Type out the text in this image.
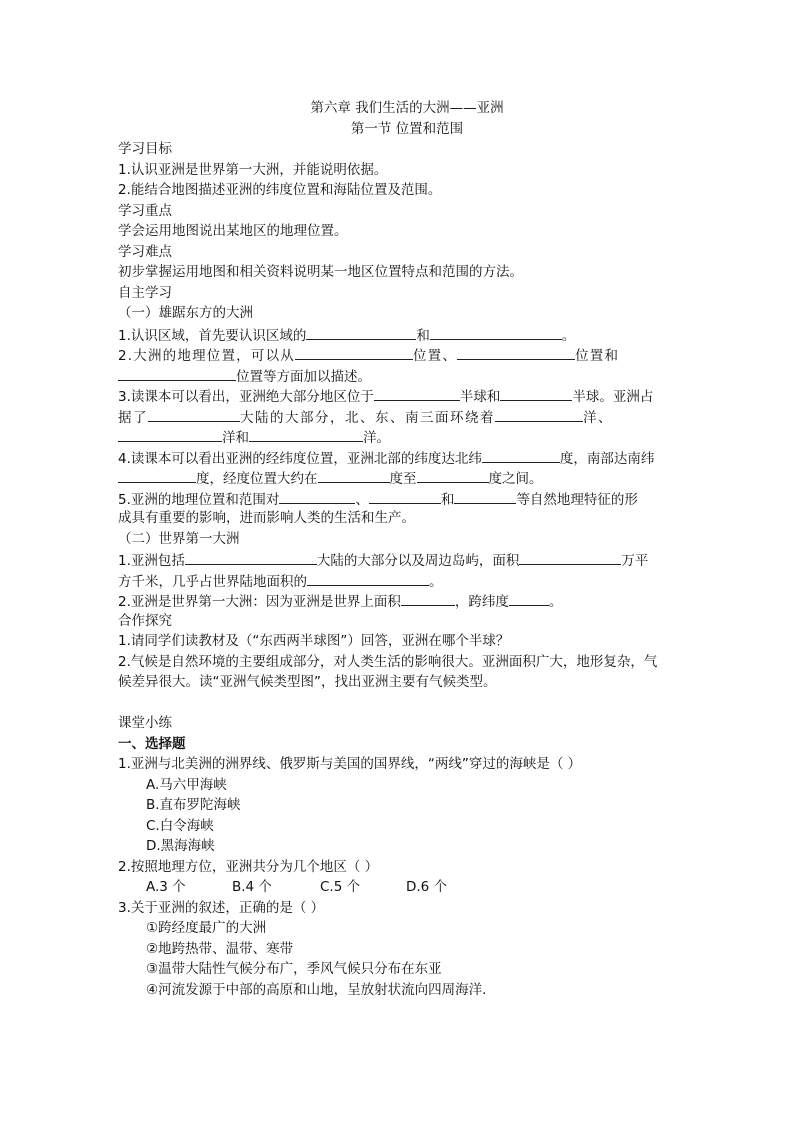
第六章 我们生活的大洲——亚洲
第一节 位置和范围
学习目标
1.认识亚洲是世界第一大洲，并能说明依据。
2.能结合地图描述亚洲的纬度位置和海陆位置及范围。
学习重点
学会运用地图说出某地区的地理位置。
学习难点
初步掌握运用地图和相关资料说明某一地区位置特点和范围的方法。
自主学习
（一）雄踞东方的大洲
1.认识区域，首先要认识区域的	和	。
2.大洲的地理位置，可以从	位置、	位置和
位置等方面加以描述。
3.读课本可以看出，亚洲绝大部分地区位于	半球和	半球。亚洲占
据了	大陆的大部分，北、东、南三面环绕着	洋、
洋和	洋。
4.读课本可以看出亚洲的经纬度位置，亚洲北部的纬度达北纬	度，南部达南纬
度，经度位置大约在	度至	度之间。
5.亚洲的地理位置和范围对	、	和	等自然地理特征的形
成具有重要的影响，进而影响人类的生活和生产。
（二）世界第一大洲
1.亚洲包括	大陆的大部分以及周边岛屿，面积	万平
方千米，几乎占世界陆地面积的	。
2.亚洲是世界第一大洲：因为亚洲是世界上面积	，跨纬度	。
合作探究
1.请同学们读教材及（“东西两半球图”）回答，亚洲在哪个半球？
2.气候是自然环境的主要组成部分，对人类生活的影响很大。亚洲面积广大，地形复杂，气
候差异很大。读“亚洲气候类型图”，找出亚洲主要有气候类型。
课堂小练
一、选择题
1.亚洲与北美洲的洲界线、俄罗斯与美国的国界线，“两线”穿过的海峡是（ ）
A.马六甲海峡
B.直布罗陀海峡
C.白令海峡
D.黑海海峡
2.按照地理方位，亚洲共分为几个地区（ ）
A.3 个	B.4 个	C.5 个	D.6 个
3.关于亚洲的叙述，正确的是（ ）
①跨经度最广的大洲
②地跨热带、温带、寒带
③温带大陆性气候分布广，季风气候只分布在东亚
④河流发源于中部的高原和山地，呈放射状流向四周海洋.
